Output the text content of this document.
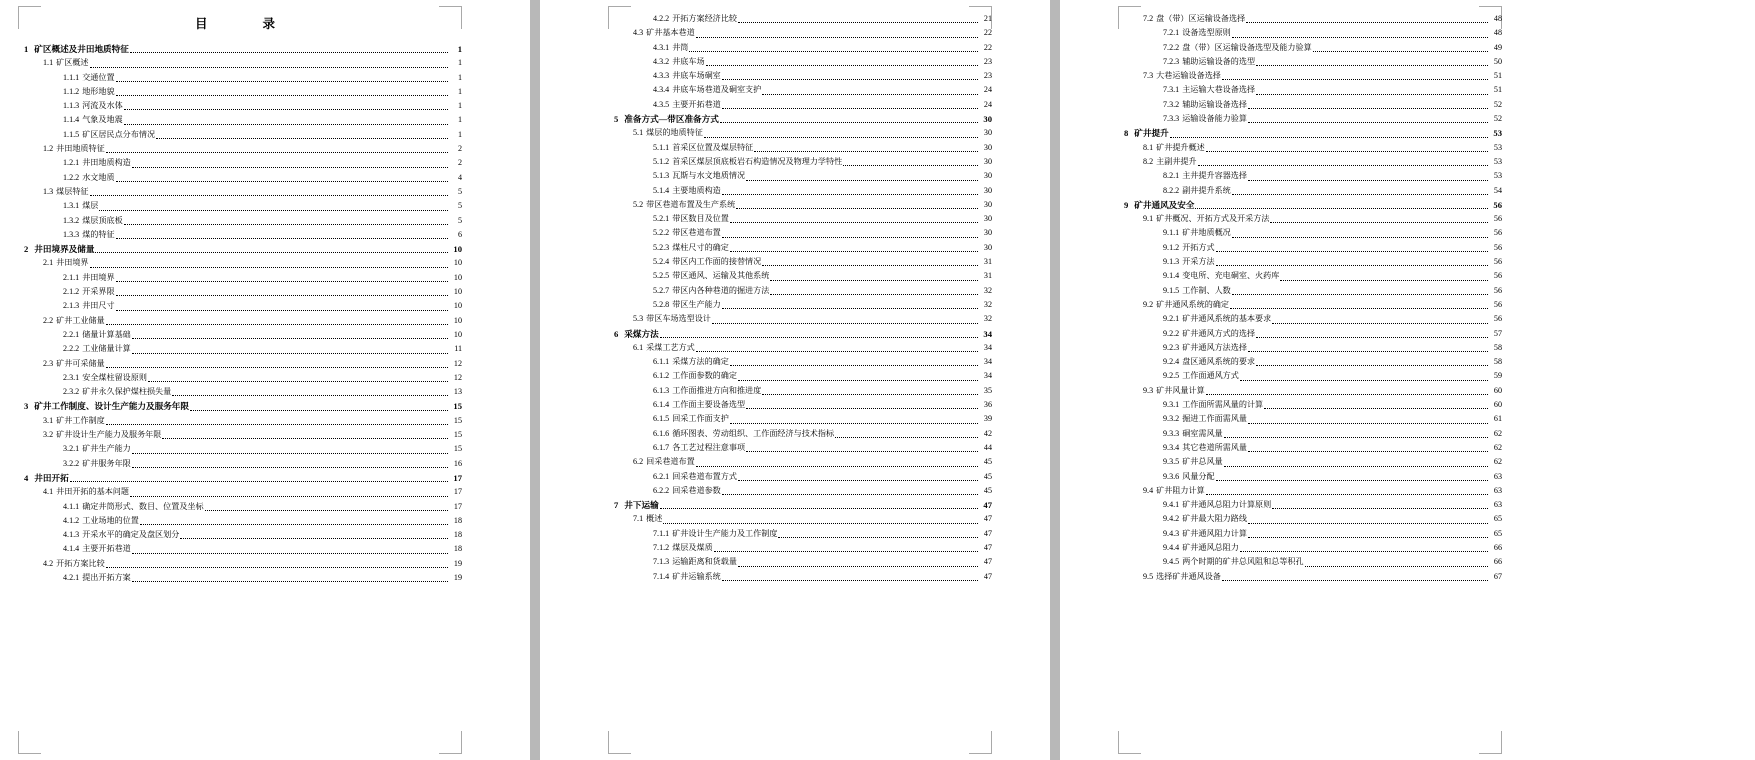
目　　录
1 矿区概述及井田地质特征	1
1.1 矿区概述	1
1.1.1 交通位置	1
1.1.2 地形地貌	1
1.1.3 河流及水体	1
1.1.4 气象及地震	1
1.1.5 矿区居民点分布情况	1
1.2 井田地质特征	2
1.2.1 井田地质构造	2
1.2.2 水文地质	4
1.3 煤层特征	5
1.3.1 煤层	5
1.3.2 煤层顶底板	5
1.3.3 煤的特征	6
2 井田境界及储量	10
2.1 井田境界	10
2.1.1 井田境界	10
2.1.2 开采界限	10
2.1.3 井田尺寸	10
2.2 矿井工业储量	10
2.2.1 储量计算基础	10
2.2.2 工业储量计算	11
2.3 矿井可采储量	12
2.3.1 安全煤柱留设原则	12
2.3.2 矿井永久保护煤柱损失量	13
3 矿井工作制度、设计生产能力及服务年限	15
3.1 矿井工作制度	15
3.2 矿井设计生产能力及服务年限	15
3.2.1 矿井生产能力	15
3.2.2 矿井服务年限	16
4 井田开拓	17
4.1 井田开拓的基本问题	17
4.1.1 确定井筒形式、数目、位置及坐标	17
4.1.2 工业场地的位置	18
4.1.3 开采水平的确定及盘区划分	18
4.1.4 主要开拓巷道	18
4.2 开拓方案比较	19
4.2.1 提出开拓方案	19
4.2.2 开拓方案经济比较	21
4.3 矿井基本巷道	22
4.3.1 井筒	22
4.3.2 井底车场	23
4.3.3 井底车场硐室	23
4.3.4 井底车场巷道及硐室支护	24
4.3.5 主要开拓巷道	24
5 准备方式—带区准备方式	30
5.1 煤层的地质特征	30
5.1.1 首采区位置及煤层特征	30
5.1.2 首采区煤层顶底板岩石构造情况及物理力学特性	30
5.1.3 瓦斯与水文地质情况	30
5.1.4 主要地质构造	30
5.2 带区巷道布置及生产系统	30
5.2.1 带区数目及位置	30
5.2.2 带区巷道布置	30
5.2.3 煤柱尺寸的确定	30
5.2.4 带区内工作面的接替情况	31
5.2.5 带区通风、运输及其他系统	31
5.2.7 带区内各种巷道的掘进方法	32
5.2.8 带区生产能力	32
5.3 带区车场选型设计	32
6 采煤方法	34
6.1 采煤工艺方式	34
6.1.1 采煤方法的确定	34
6.1.2 工作面参数的确定	34
6.1.3 工作面推进方向和推进度	35
6.1.4 工作面主要设备选型	36
6.1.5 回采工作面支护	39
6.1.6 循环图表、劳动组织、工作面经济与技术指标	42
6.1.7 各工艺过程注意事项	44
6.2 回采巷道布置	45
6.2.1 回采巷道布置方式	45
6.2.2 回采巷道参数	45
7 井下运输	47
7.1 概述	47
7.1.1 矿井设计生产能力及工作制度	47
7.1.2 煤层及煤质	47
7.1.3 运输距离和货载量	47
7.1.4 矿井运输系统	47
7.2 盘（带）区运输设备选择	48
7.2.1 设备选型原则	48
7.2.2 盘（带）区运输设备选型及能力验算	49
7.2.3 辅助运输设备的选型	50
7.3 大巷运输设备选择	51
7.3.1 主运输大巷设备选择	51
7.3.2 辅助运输设备选择	52
7.3.3 运输设备能力验算	52
8 矿井提升	53
8.1 矿井提升概述	53
8.2 主副井提升	53
8.2.1 主井提升容器选择	53
8.2.2 副井提升系统	54
9 矿井通风及安全	56
9.1 矿井概况、开拓方式及开采方法	56
9.1.1 矿井地质概况	56
9.1.2 开拓方式	56
9.1.3 开采方法	56
9.1.4 变电所、充电硐室、火药库	56
9.1.5 工作制、人数	56
9.2 矿井通风系统的确定	56
9.2.1 矿井通风系统的基本要求	56
9.2.2 矿井通风方式的选择	57
9.2.3 矿井通风方法选择	58
9.2.4 盘区通风系统的要求	58
9.2.5 工作面通风方式	59
9.3 矿井风量计算	60
9.3.1 工作面所需风量的计算	60
9.3.2 掘进工作面需风量	61
9.3.3 硐室需风量	62
9.3.4 其它巷道所需风量	62
9.3.5 矿井总风量	62
9.3.6 风量分配	63
9.4 矿井阻力计算	63
9.4.1 矿井通风总阻力计算原则	63
9.4.2 矿井最大阻力路线	65
9.4.3 矿井通风阻力计算	65
9.4.4 矿井通风总阻力	66
9.4.5 两个时期的矿井总风阻和总等积孔	66
9.5 选择矿井通风设备	67
